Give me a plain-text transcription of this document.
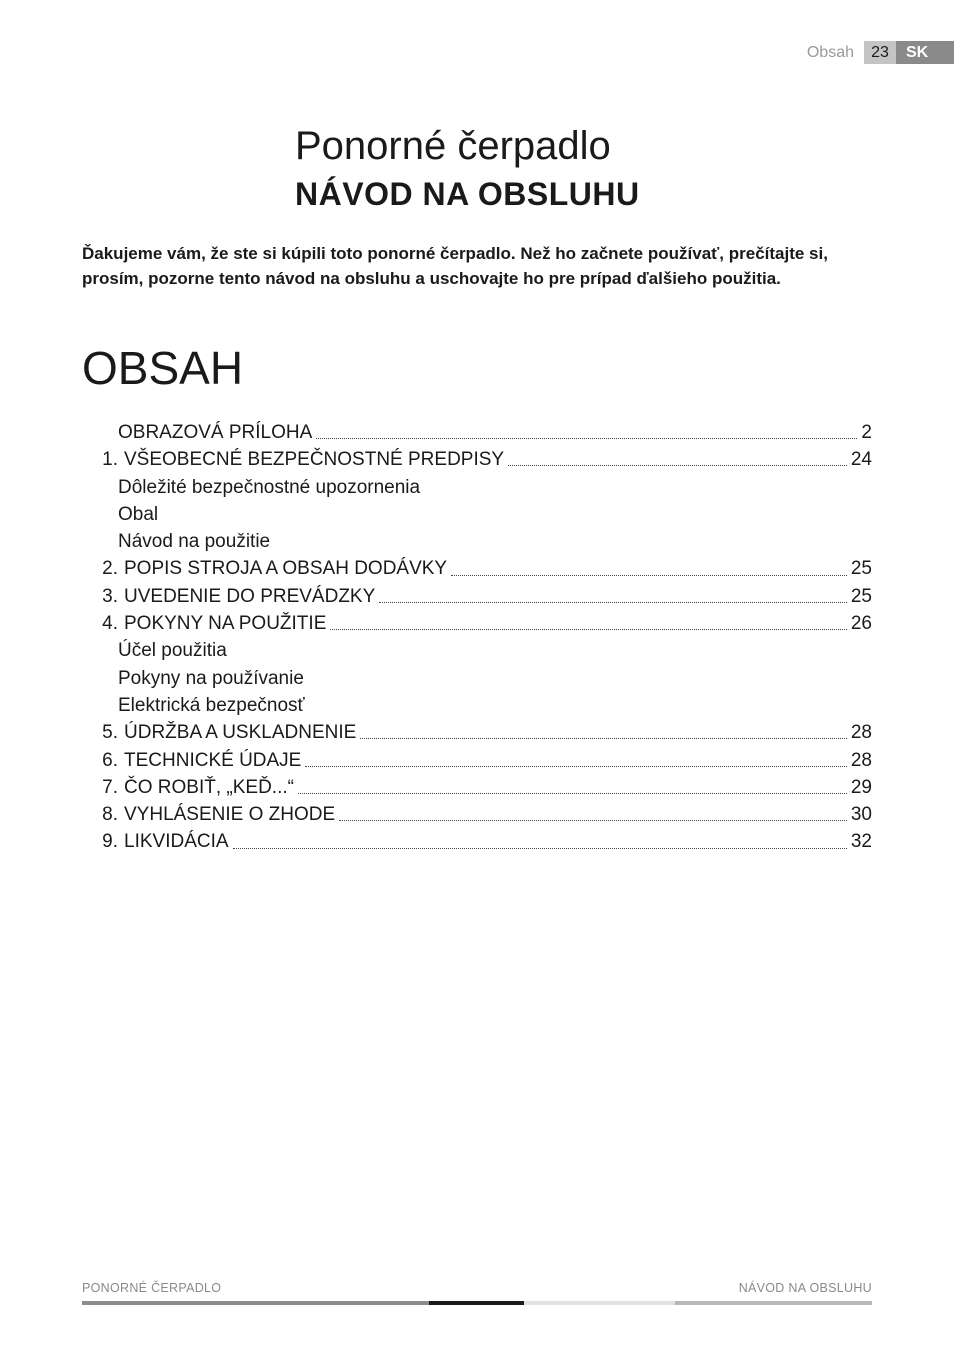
Obsah	23	SK
Ponorné čerpadlo
NÁVOD NA OBSLUHU

Ďakujeme vám, že ste si kúpili toto ponorné čerpadlo. Než ho začnete používať, prečítajte si, prosím, pozorne tento návod na obsluhu a uschovajte ho pre prípad ďalšieho použitia.

OBSAH
OBRAZOVÁ PRÍLOHA	2
1. VŠEOBECNÉ BEZPEČNOSTNÉ PREDPISY	24
Dôležité bezpečnostné upozornenia
Obal
Návod na použitie
2. POPIS STROJA A OBSAH DODÁVKY	25
3. UVEDENIE DO PREVÁDZKY	25
4. POKYNY NA POUŽITIE	26
Účel použitia
Pokyny na používanie
Elektrická bezpečnosť
5. ÚDRŽBA A USKLADNENIE	28
6. TECHNICKÉ ÚDAJE	28
7. ČO ROBIŤ, „KEĎ...“	29
8. VYHLÁSENIE O ZHODE	30
9. LIKVIDÁCIA	32
PONORNÉ ČERPADLO	NÁVOD NA OBSLUHU
